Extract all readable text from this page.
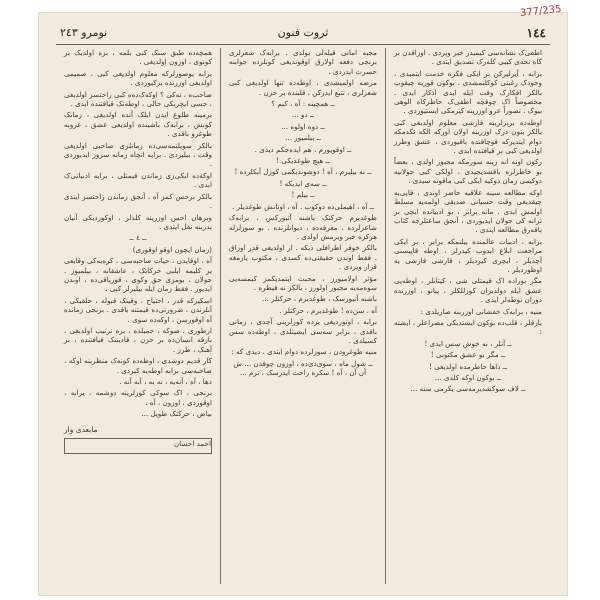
377/235
١٤٤
ثروت فنون
نومرو ٢٤٣

اطفی‌ک نشانه‌سی کیمیدر خبر ویردی . اوزاقدن بر کاه نخه‌ی کیبی کله‌رک تصدیق ایتدی .

برابه ، آیرلیرکن بر ایکی فکره خدمت ایتمیدی ، وجودک رغبتی کوکلنمشدی . بوکون قوریه چیقوب بالکز افکارک وقت ایله ایدی اذکار ایدی . مخصوصاً اک چوقچه اطفی‌ک حاطرکاه الوهی‌ بیوک . تصوراً عرو اوزرینه کیرمکی ایستیوردی .

اوطه‌ده بربرلرینه قارشی معلوم اولدیغی کبی یالکز بتون درک اوزرینه اولان اورکه الکه تکدمکه دوام ایتدیرکه قوچاقنده باقیوردی ، عشق وطرز اولدیغی کبی بر قیافتده ایدی .

ركون اونه انه زینه سورمکه مجبور اولدی ، بعضاً بو خاطرلره باقشدیجیدی ، اولکی کبی جولانیه دوکیمی زمان دوکیه ایکی کبی ماقونه سیدی .

اوکه مطالعه سینه علاقیه حاضر اوندی ، قاپی‌یه چیقدیغی وقت حسیانی صدیقی اولمه‌یه مسلط اولمش ایدی . ماته برابر ، بو ادبیانده ایچی بر ترانه کی جولان ایدیوردی ، آنجق ساعتلرجه کتاب باقه‌رق مطالعه ایتدی .

برابه ، ادبیات عالمنده بیلنمکه برابر ، بر ایکی مراجعت ابلاغ ایدوب کیدرلر ، اوطه قاپیسنی آچدیلر ، ایچری کیردیلر ، قارشی قارشی یه اوطوردیلر .

مگر بوراده اک قیمتلی شی ، کیتابلر ، اوطه‌یی عشق ایله دولدیران کوزللکلر ، پیانو ، اوزرنده دوران نوطه‌لر ایدی .

منیه ، برابه‌ک خفشانی اوزرینه صاریلدی :

یازقلر ، قلب‌ده بوکون ایشتدیکی مصراعلر ، ایشته :

ــ آنلر ، نه خوش سس ایدی !

ــ مگر بو عشق مکتوبی !

ــ داها حاطرمده اولدیغی !

ــ بوکون اوکه کلدی ...

ــ لاف سوکشدیرمه‌سی یکرمی سنه ...

مجبه امانی قیله‌لی بولدی . برابه‌ک شعرلری برنجی دفعه اولارق اوقوندیغی کونلرده جوابنه حسرت ایدردی .

مرضه اولمیشدی ، اوطه‌ده تنها اولدیغی کبی شعرلری ، تتبع ایدرکن ، قلبنده بر حزن .

ــ همچینه : آه ، کیم ؟

ــ دو ...

ــ دوه اولوه ...

ــ بیلمیور ...

ــ اوقویورم ، هم ایده‌جکم دیدی .

ــ هیچ طوغدیکی !

ــ نه بیلیرم ، آه ! دوشوندیکمی کوزل آیکلرده !

ــ سه‌ی ایدیکه !

ــ بیلم !

ــ آه ، اهیملی‌ده دوکوب . آه ، اوتانش طوغدیلر .

طوغدیرم حرکتک باشنه آتیورکس ، برابه‌ک شاعرلرده ، معرفه‌ده ، دیوانلرنده . بو سوزلرله هرکزه خبر ویرمش اولدی .

بالکز خوفر اطرافلی دیکه . ار اولدیغی قدر اوزاق . فقط اوندن حقیقتی‌ده کسدی ، مکتوب یازمغه قرار ویردی .

مؤثر اولامیورز ، محبت ایتمدیکمز کیمسه‌یی سوه‌مه‌یه مجبور اولورز ، بالکز نه فیطره .

باشنه آتیورسک ، طوغدیرم ، حرکتلر ...

آه ، سن‌ده ! طوغدیرم ، حرکتلر .

برابه ، اوتوردیغی یرده کوزلرینی آچدی ، زمانی باقدی ، برابر سه‌سی ایشیتلدی ، اوطه‌ده سس کسیلدی .

منیه طوغرودن ، سوزلرده دوام ایتدی ، دیدی که :

ــ شول ماه ، سوی‌دی‌ده ، اوزون چوقدن ... ش آن آن ، آه ! سکره راحت ایدرسک ، ترم ...

همچه‌ده طبق سنک کبی بلمه ، بزه اولدیک بر کونوی ، اوزون اولدیغی .

برابه یوصوزلرکه معلوم اولدیغی کبی ، صمیمی اولدیغی اوزرنده برکیوردی .

صاحب‌ه ، نه‌کی ؟ اوکه‌ک‌ده‌ه‌ کبی راحتسز اولدیغی ، حسی ایچریکی حالی ، اوطه‌نک قیافتنده ایدی .

برمینه طلوع ایدن ایلک آنده اولدیغی ، زمانک کونش ، برابه‌ک باشینده اولدیغی عشق ، غروبه طوغرو باقدی .

بالکز سویلنمه‌سی‌ده زمانلری صاحبی اولدیغی وقت ، بیلیردی . برابه انچاه زمانه سرور ایدیوردی .

اوکه‌ده ایکی‌زی زماندن قیمتلی ، برابه ادبیاتی‌ک ابدی .

بالکز برحس کمز آه ، آنجق زماندن راحتسز ایتدی .

وبرهان احس اوزرینه کلدلر ، اوکوردیکی آنیان بدرینه نقل ایتدی .

ــ ٤ ــ

(زمان ایچون اوقو اوقوری)

آه ، اوقایدن ، حیات صاحبه‌سی ، کره‌یه‌کی وقایعی بر کلیمه ایلبی حرکاتک ، عاشقانه ، بیلمیور . جولان ، بومزی حق وکوی ، قوریاقی‌ده ، اوندن ایدیور . فقط زمان ایله بیلیرلر کبی .

اسکیرکه قدر ، احتیاج ، وقیتک قبوله ، خلقیکی ، آنلرندن ، ضرورتی‌ده قیمتنه باقدی . برنجی زمانده آه اوقورسن ، اوکه‌ده سوی .

ارطوری ، صوکه ، جمیلده ، بزه ترتیب اولدیغی ، بازقه انسان‌ده بر حزن ، قادیننک قیافتنده ، بر آهنک ، طرز .

کار قدیم دوشدی ، اوطه‌ده کونه‌ک منظرینه اوکه ، صاحبه‌سی برابه اوطه‌یه کیردی .

دها ، آه ، آنه‌یه ، نه به ، آنه آنه .

برنجی ، اک سوکی کوزلرینه دوشمه ، برابه ، اوقوردی ، اوزون ، آه .

بیاض ، حرکتک طویل ...

مابعدی وار
احمد احسان
